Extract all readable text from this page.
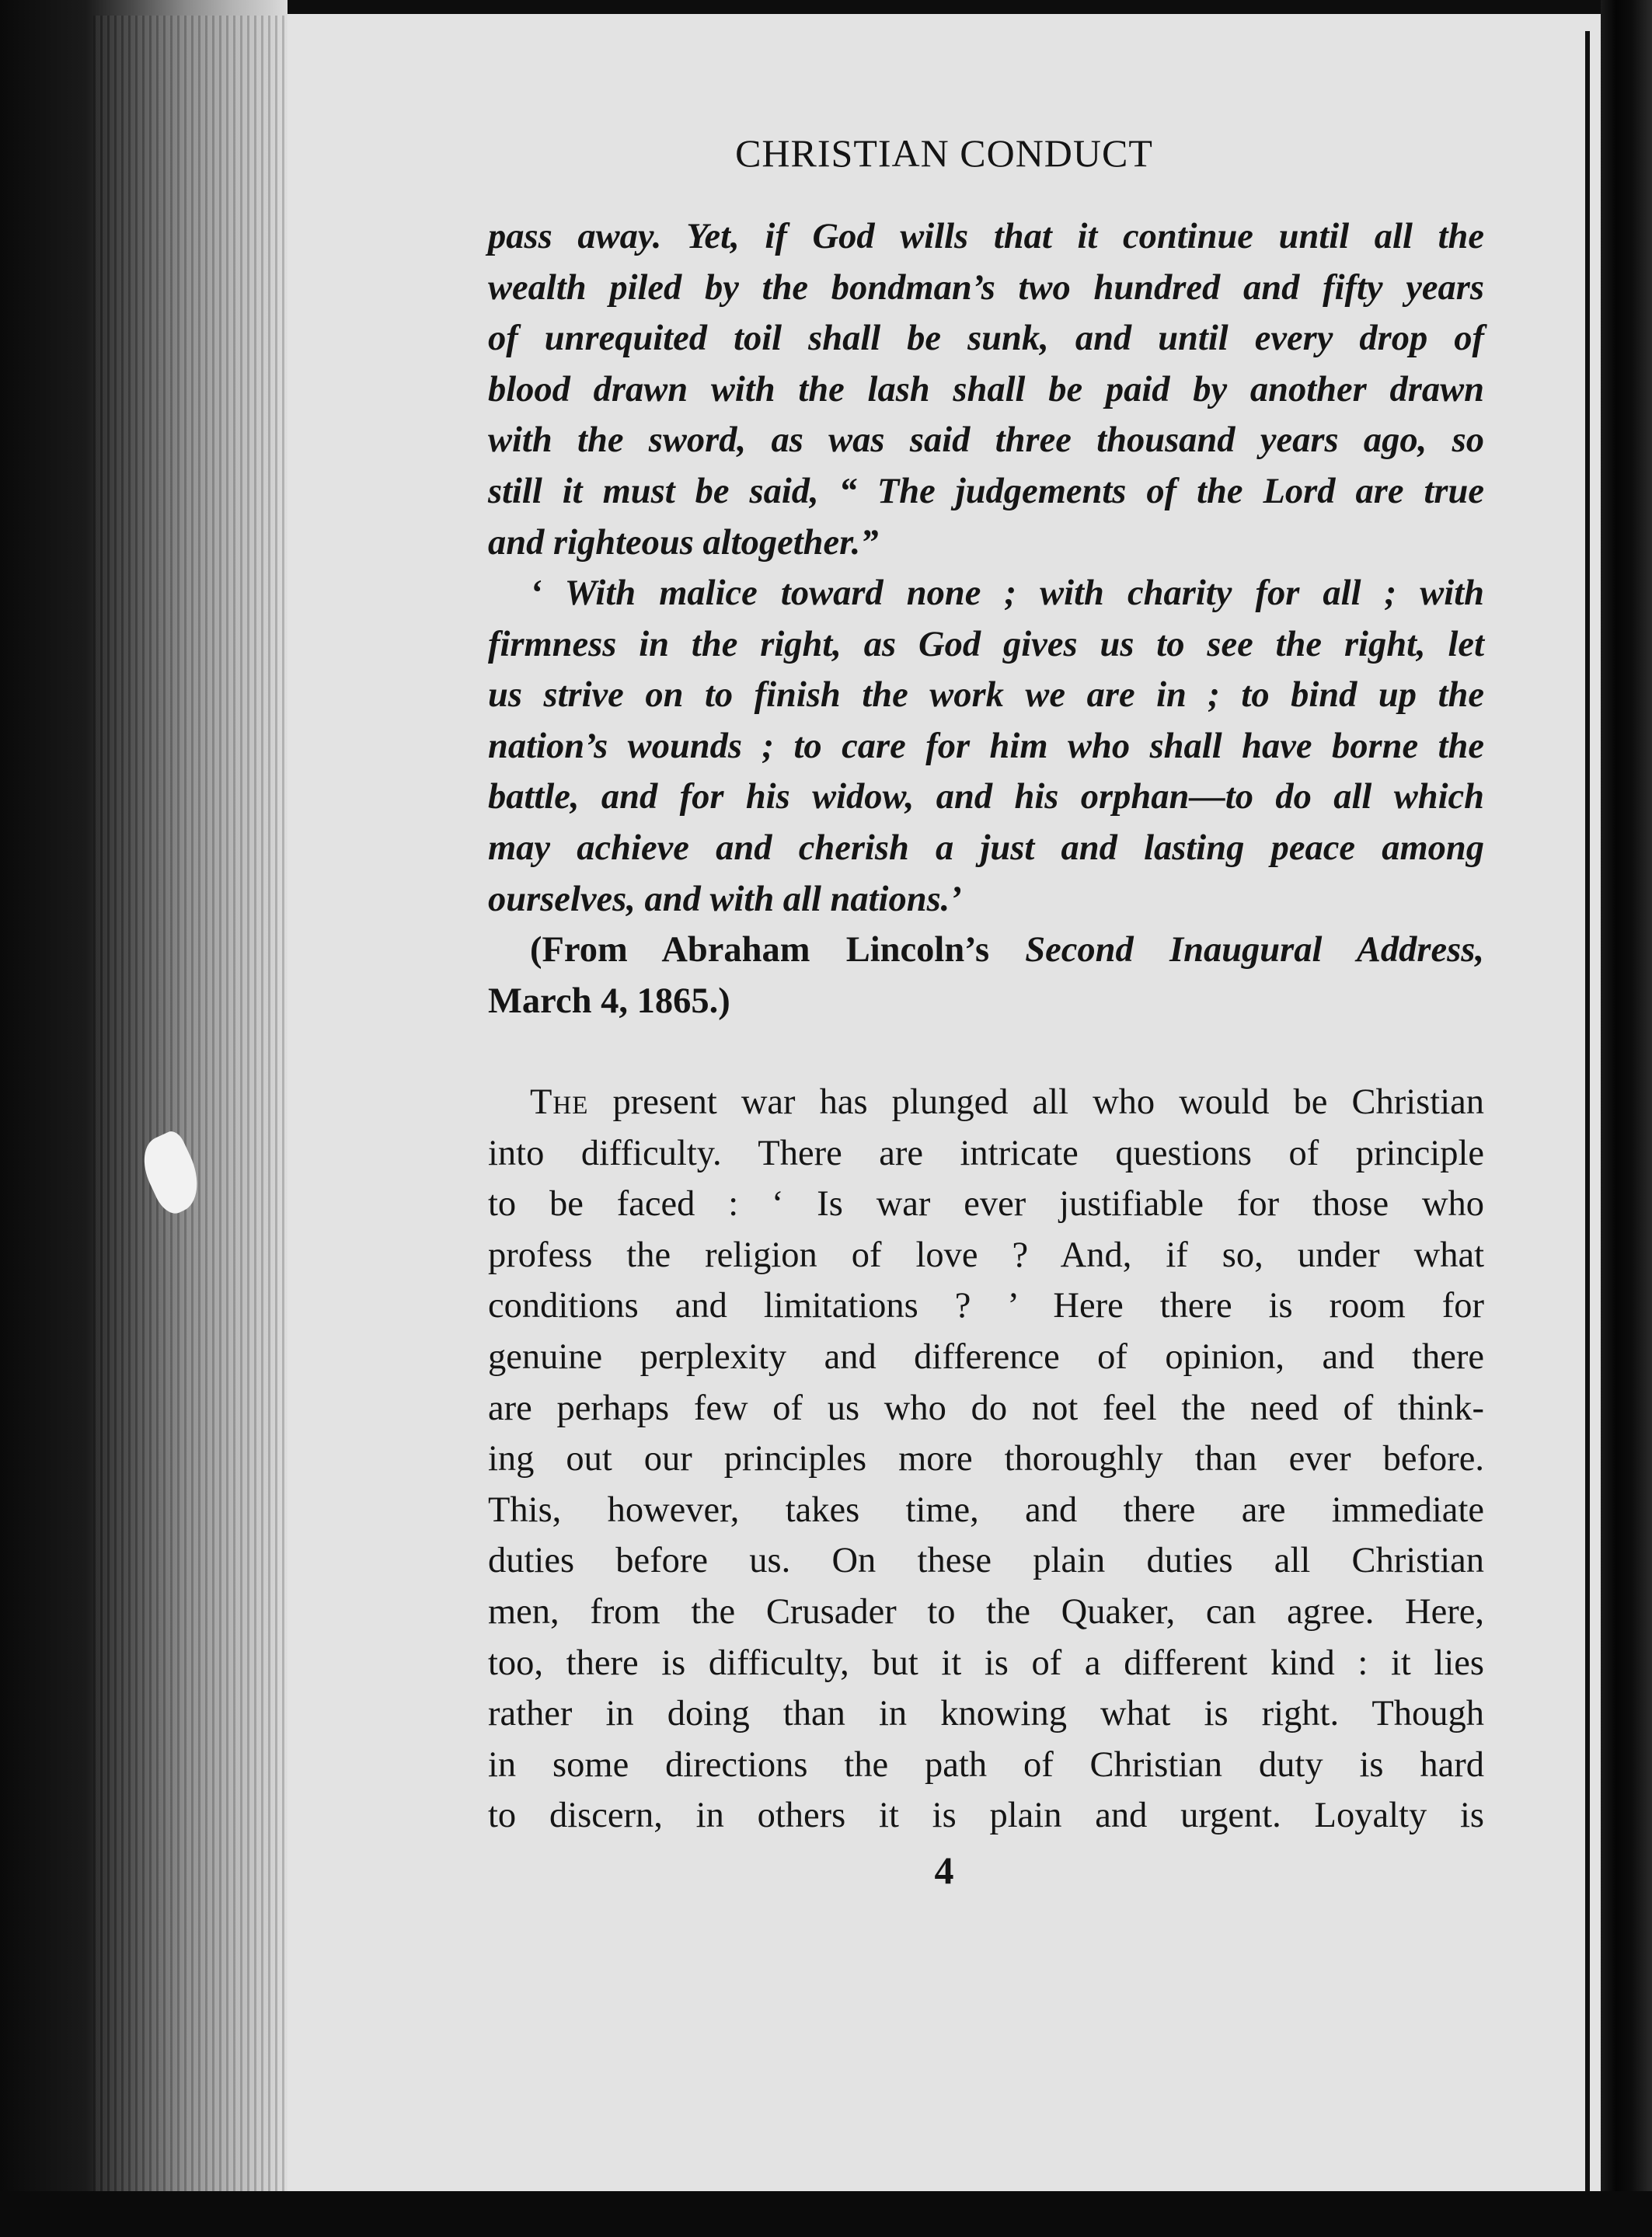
CHRISTIAN CONDUCT
pass away. Yet, if God wills that it continue until all the
wealth piled by the bondman’s two hundred and fifty years
of unrequited toil shall be sunk, and until every drop of
blood drawn with the lash shall be paid by another drawn
with the sword, as was said three thousand years ago, so
still it must be said, “ The judgements of the Lord are true
and righteous altogether.”
‘ With malice toward none ; with charity for all ; with
firmness in the right, as God gives us to see the right, let
us strive on to finish the work we are in ; to bind up the
nation’s wounds ; to care for him who shall have borne the
battle, and for his widow, and his orphan—to do all which
may achieve and cherish a just and lasting peace among
ourselves, and with all nations.’
(From Abraham Lincoln’s Second Inaugural Address,
March 4, 1865.)
The present war has plunged all who would be Christian
into difficulty. There are intricate questions of principle
to be faced : ‘ Is war ever justifiable for those who
profess the religion of love ? And, if so, under what
conditions and limitations ? ’ Here there is room for
genuine perplexity and difference of opinion, and there
are perhaps few of us who do not feel the need of think-
ing out our principles more thoroughly than ever before.
This, however, takes time, and there are immediate
duties before us. On these plain duties all Christian
men, from the Crusader to the Quaker, can agree. Here,
too, there is difficulty, but it is of a different kind : it lies
rather in doing than in knowing what is right. Though
in some directions the path of Christian duty is hard
to discern, in others it is plain and urgent. Loyalty is
4
